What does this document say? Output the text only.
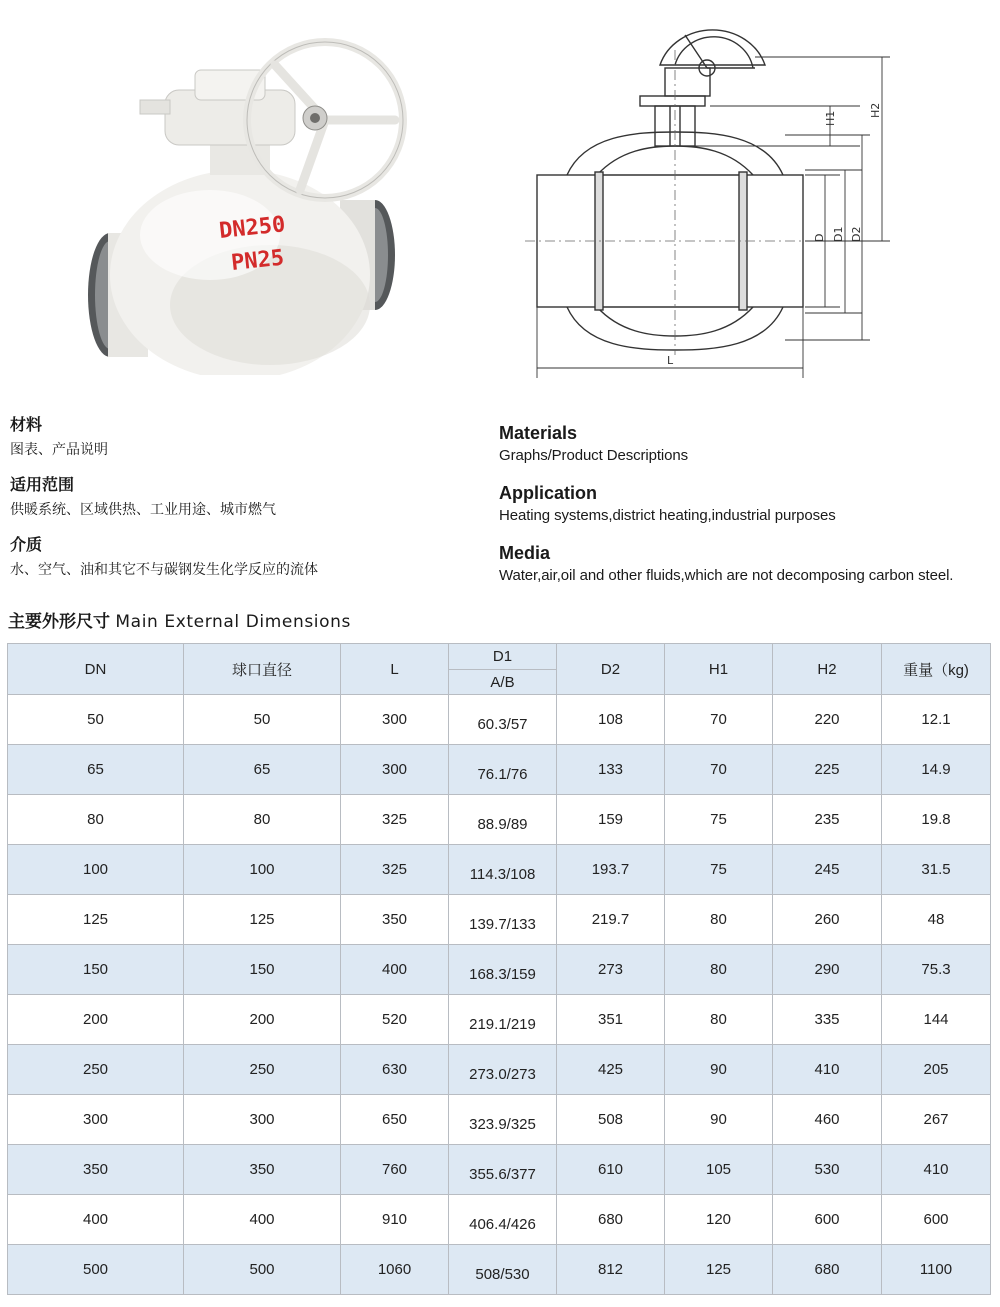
DN250
PN25
H1
H2
D D1 D2
L

材料

图表、产品说明

适用范围

供暖系统、区域供热、工业用途、城市燃气

介质

水、空气、油和其它不与碳钢发生化学反应的流体

Materials

Graphs/Product Descriptions

Application

Heating systems,district heating,industrial purposes

Media

Water,air,oil and other fluids,which are not decomposing carbon steel.

主要外形尺寸 Main External Dimensions
DN	球口直径	L	D1	D2	H1	H2	重量（kg)
			A/B				
50	50	300	60.3/57	108	70	220	12.1
65	65	300	76.1/76	133	70	225	14.9
80	80	325	88.9/89	159	75	235	19.8
100	100	325	114.3/108	193.7	75	245	31.5
125	125	350	139.7/133	219.7	80	260	48
150	150	400	168.3/159	273	80	290	75.3
200	200	520	219.1/219	351	80	335	144
250	250	630	273.0/273	425	90	410	205
300	300	650	323.9/325	508	90	460	267
350	350	760	355.6/377	610	105	530	410
400	400	910	406.4/426	680	120	600	600
500	500	1060	508/530	812	125	680	1100
